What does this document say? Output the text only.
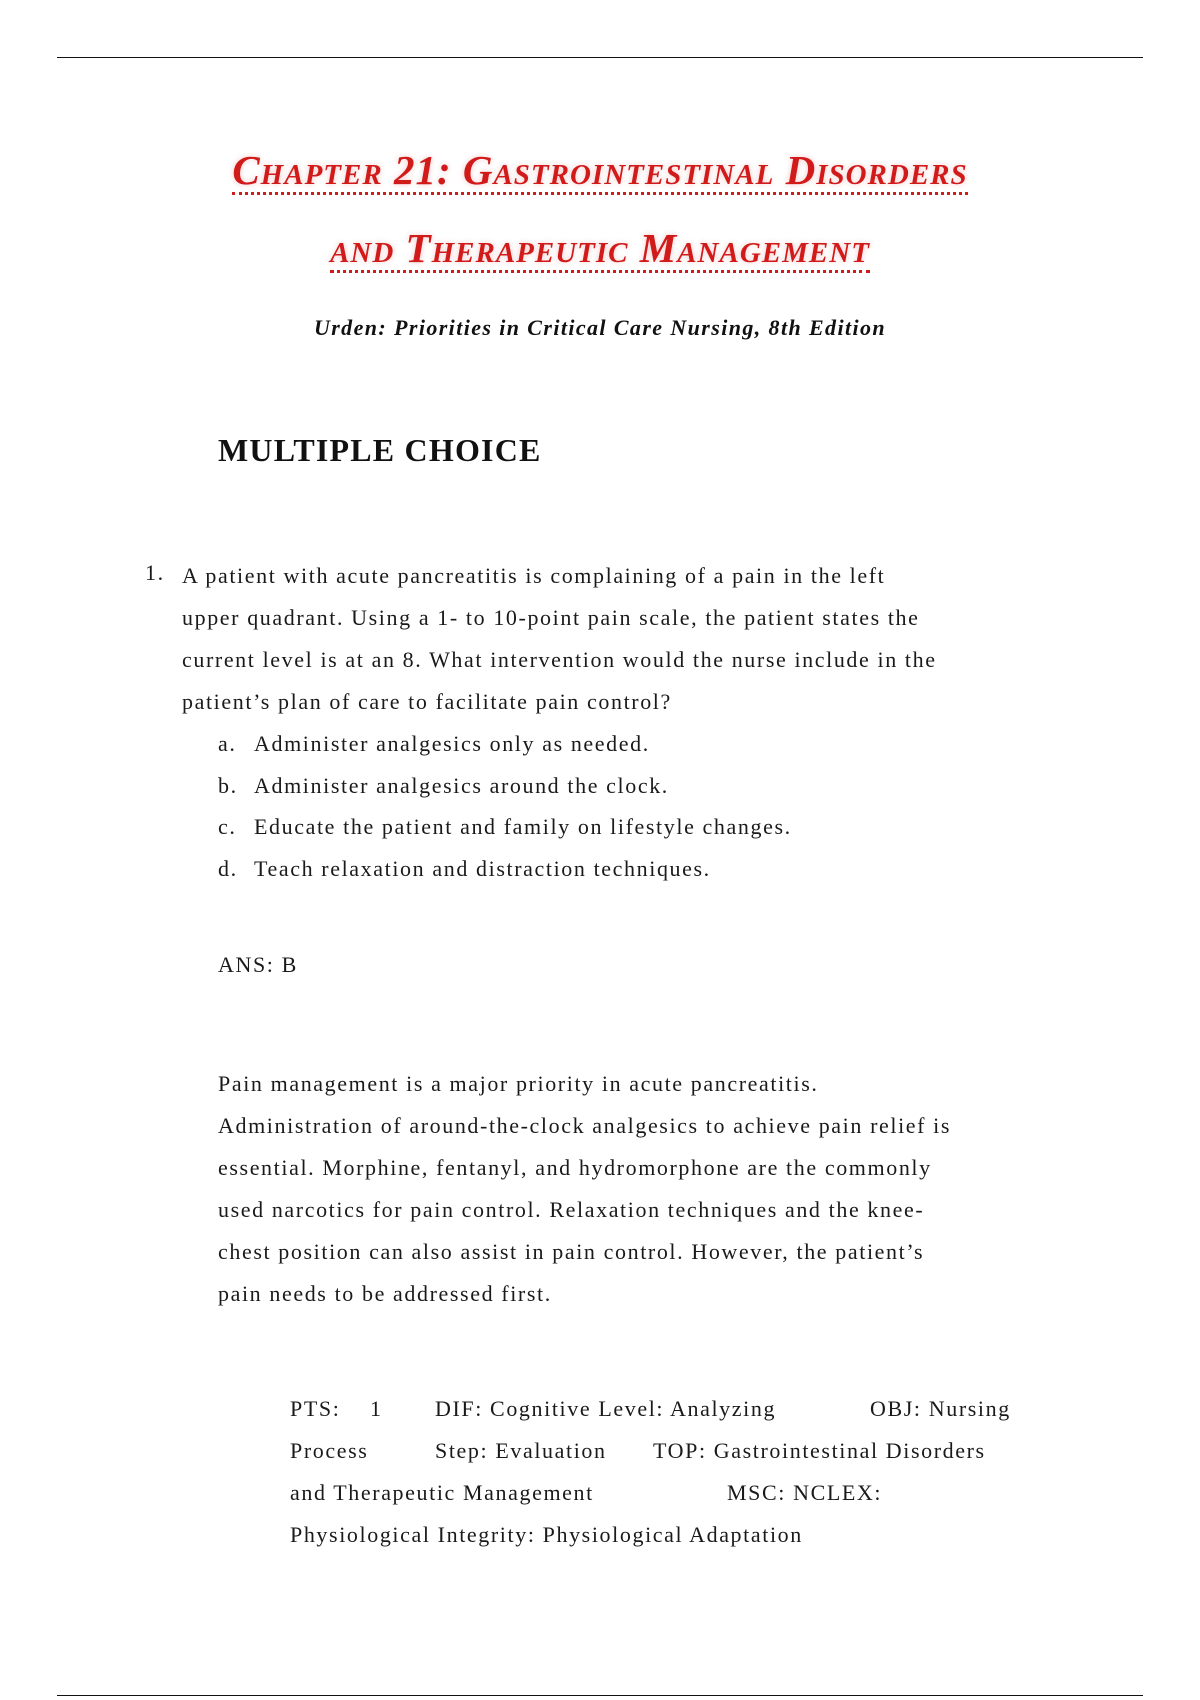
Chapter 21: Gastrointestinal Disorders
and Therapeutic Management
Urden: Priorities in Critical Care Nursing, 8th Edition
MULTIPLE CHOICE
1. A patient with acute pancreatitis is complaining of a pain in the left
upper quadrant. Using a 1- to 10-point pain scale, the patient states the
current level is at an 8. What intervention would the nurse include in the
patient’s plan of care to facilitate pain control?
a. Administer analgesics only as needed.
b. Administer analgesics around the clock.
c. Educate the patient and family on lifestyle changes.
d. Teach relaxation and distraction techniques.
ANS: B
Pain management is a major priority in acute pancreatitis.
Administration of around-the-clock analgesics to achieve pain relief is
essential. Morphine, fentanyl, and hydromorphone are the commonly
used narcotics for pain control. Relaxation techniques and the knee-
chest position can also assist in pain control. However, the patient’s
pain needs to be addressed first.
PTS: 1 DIF: Cognitive Level: Analyzing	OBJ: Nursing
Process	Step: Evaluation TOP: Gastrointestinal Disorders
and Therapeutic Management	MSC: NCLEX:
Physiological Integrity: Physiological Adaptation
